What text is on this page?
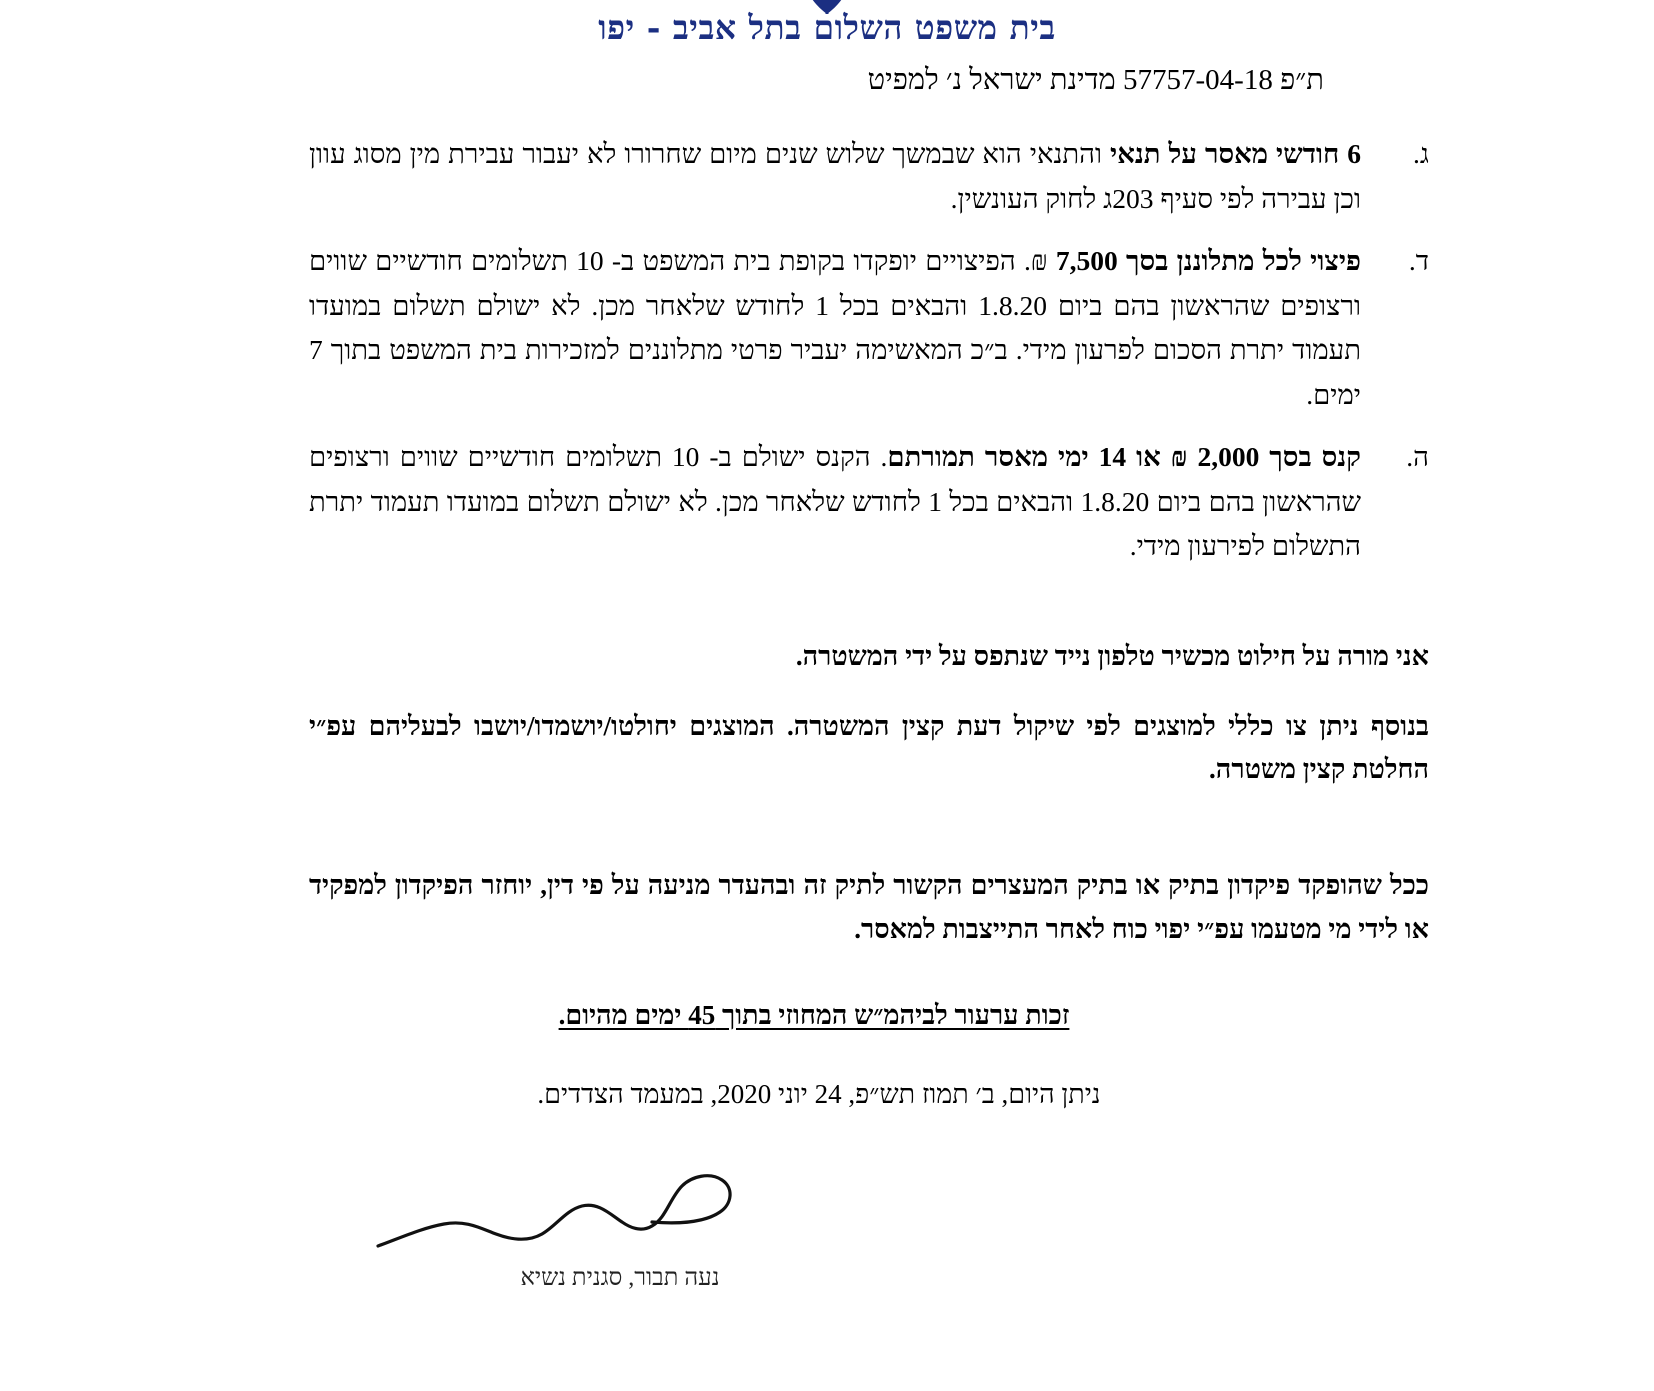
בית משפט השלום בתל אביב - יפו
ת״פ 57757-04-18 מדינת ישראל נ׳ למפיט
ג.
6 חודשי מאסר על תנאי והתנאי הוא שבמשך שלוש שנים מיום שחרורו לא יעבור עבירת מין מסוג עוון וכן עבירה לפי סעיף 203ג לחוק העונשין.
ד.
פיצוי לכל מתלוננן בסך 7,500 ₪. הפיצויים יופקדו בקופת בית המשפט ב- 10 תשלומים חודשיים שווים ורצופים שהראשון בהם ביום 1.8.20 והבאים בכל 1 לחודש שלאחר מכן. לא ישולם תשלום במועדו תעמוד יתרת הסכום לפרעון מידי. ב״כ המאשימה יעביר פרטי מתלוננים למזכירות בית המשפט בתוך 7 ימים.
ה.
קנס בסך 2,000 ₪ או 14 ימי מאסר תמורתם. הקנס ישולם ב- 10 תשלומים חודשיים שווים ורצופים שהראשון בהם ביום 1.8.20 והבאים בכל 1 לחודש שלאחר מכן. לא ישולם תשלום במועדו תעמוד יתרת התשלום לפירעון מידי.
אני מורה על חילוט מכשיר טלפון נייד שנתפס על ידי המשטרה.
בנוסף ניתן צו כללי למוצגים לפי שיקול דעת קצין המשטרה. המוצגים יחולטו/יושמדו/יושבו לבעליהם עפ״י החלטת קצין משטרה.
ככל שהופקד פיקדון בתיק או בתיק המעצרים הקשור לתיק זה ובהעדר מניעה על פי דין, יוחזר הפיקדון למפקיד או לידי מי מטעמו עפ״י יפוי כוח לאחר התייצבות למאסר.
זכות ערעור לביהמ״ש המחוזי בתוך 45 ימים מהיום.
ניתן היום, ב׳ תמוז תש״פ, 24 יוני 2020, במעמד הצדדים.
נעה תבור, סגנית נשיא
